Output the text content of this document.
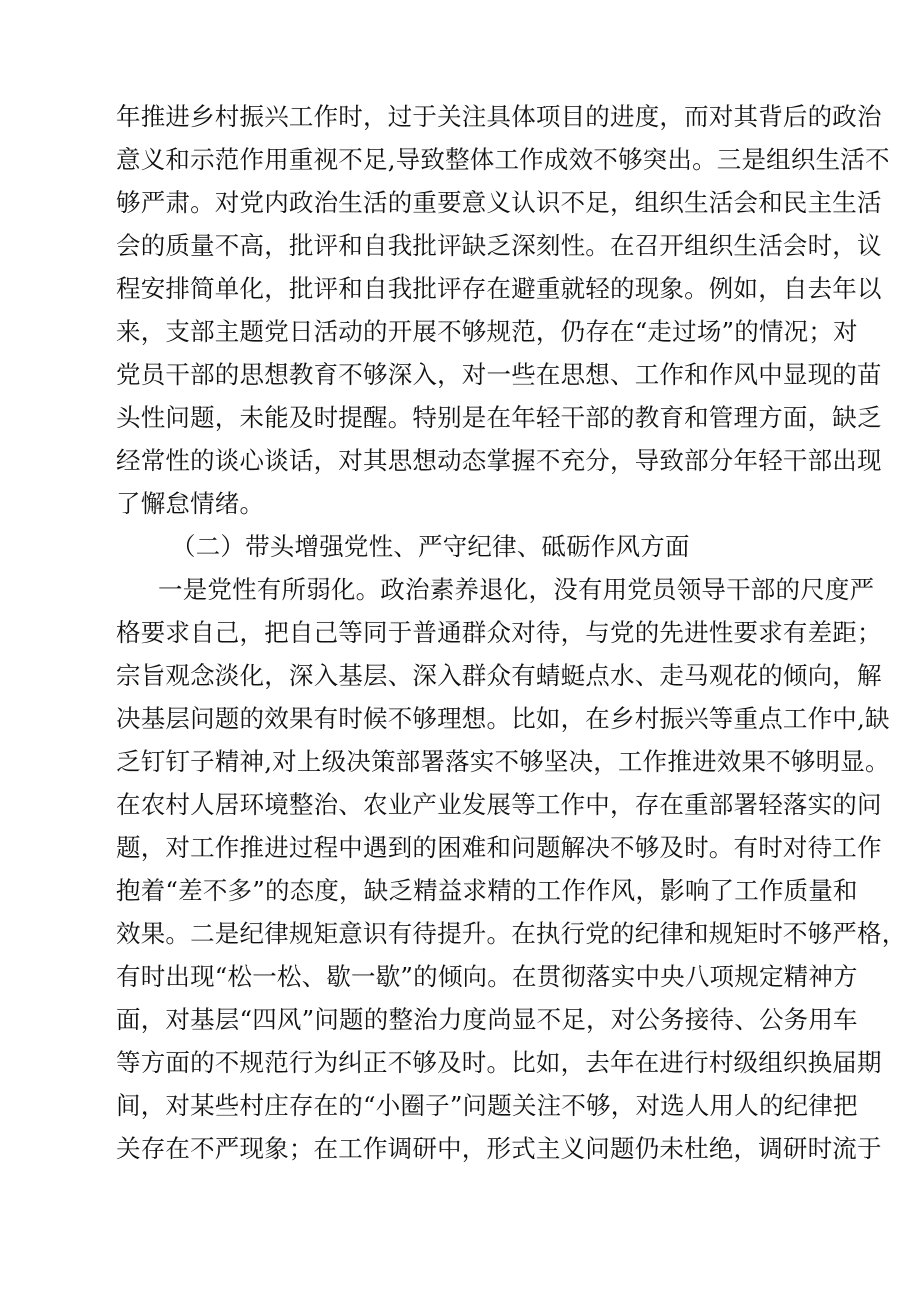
年推进乡村振兴工作时，过于关注具体项目的进度，而对其背后的政治
意义和示范作用重视不足,导致整体工作成效不够突出。三是组织生活不
够严肃。对党内政治生活的重要意义认识不足，组织生活会和民主生活
会的质量不高，批评和自我批评缺乏深刻性。在召开组织生活会时，议
程安排简单化，批评和自我批评存在避重就轻的现象。例如，自去年以
来，支部主题党日活动的开展不够规范，仍存在“走过场”的情况；对
党员干部的思想教育不够深入，对一些在思想、工作和作风中显现的苗
头性问题，未能及时提醒。特别是在年轻干部的教育和管理方面，缺乏
经常性的谈心谈话，对其思想动态掌握不充分，导致部分年轻干部出现
了懈怠情绪。
（二）带头增强党性、严守纪律、砥砺作风方面
一是党性有所弱化。政治素养退化，没有用党员领导干部的尺度严
格要求自己，把自己等同于普通群众对待，与党的先进性要求有差距；
宗旨观念淡化，深入基层、深入群众有蜻蜓点水、走马观花的倾向，解
决基层问题的效果有时候不够理想。比如，在乡村振兴等重点工作中,缺
乏钉钉子精神,对上级决策部署落实不够坚决，工作推进效果不够明显。
在农村人居环境整治、农业产业发展等工作中，存在重部署轻落实的问
题，对工作推进过程中遇到的困难和问题解决不够及时。有时对待工作
抱着“差不多”的态度，缺乏精益求精的工作作风，影响了工作质量和
效果。二是纪律规矩意识有待提升。在执行党的纪律和规矩时不够严格，
有时出现“松一松、歇一歇”的倾向。在贯彻落实中央八项规定精神方
面，对基层“四风”问题的整治力度尚显不足，对公务接待、公务用车
等方面的不规范行为纠正不够及时。比如，去年在进行村级组织换届期
间，对某些村庄存在的“小圈子”问题关注不够，对选人用人的纪律把
关存在不严现象；在工作调研中，形式主义问题仍未杜绝，调研时流于
